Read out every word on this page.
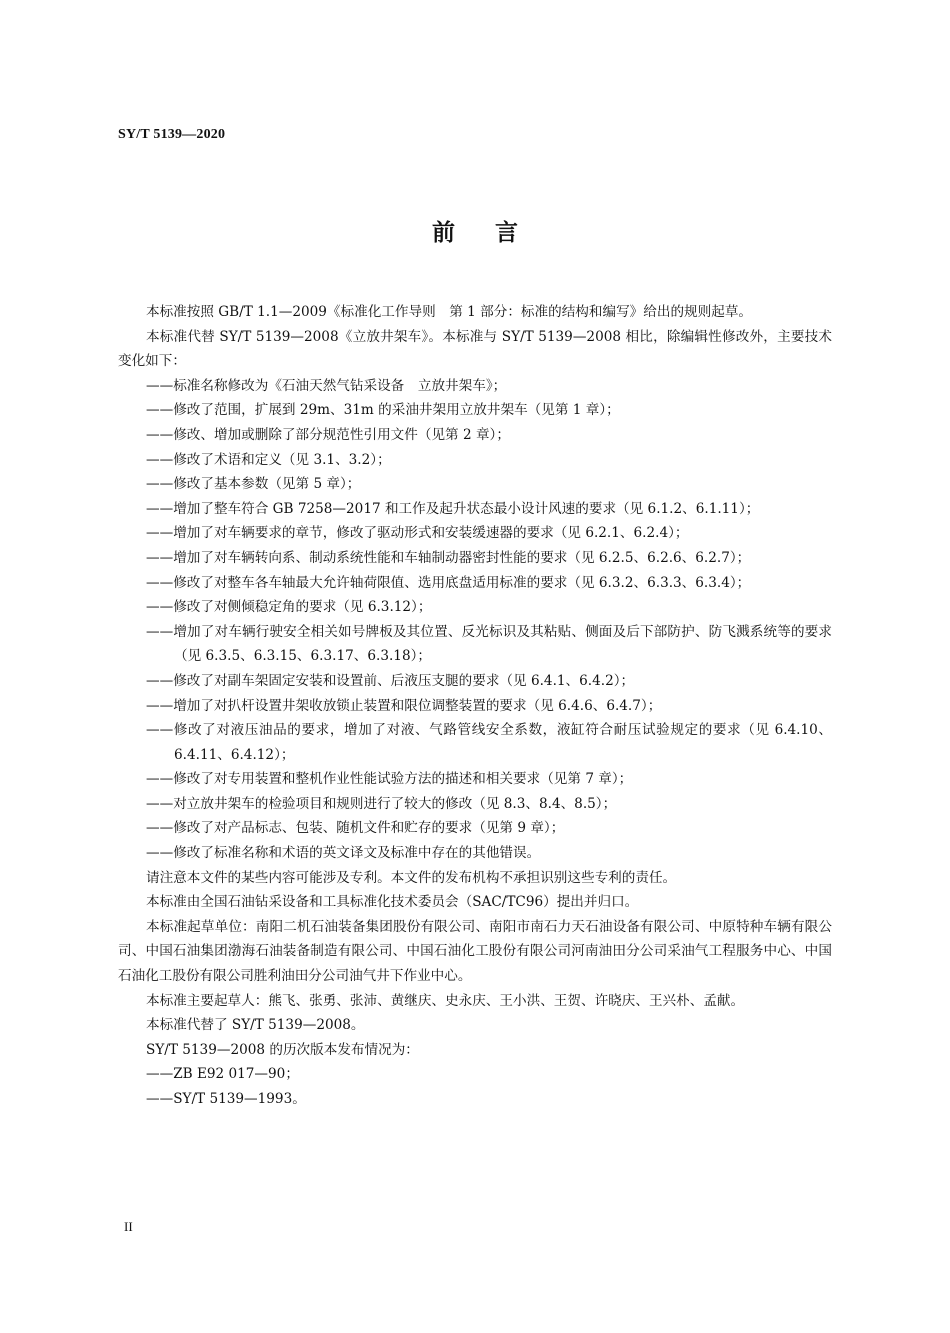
SY/T 5139—2020
前言

本标准按照 GB/T 1.1—2009《标准化工作导则　第 1 部分：标准的结构和编写》给出的规则起草。

本标准代替 SY/T 5139—2008《立放井架车》。本标准与 SY/T 5139—2008 相比，除编辑性修改外，主要技术变化如下：

——标准名称修改为《石油天然气钻采设备　立放井架车》；

——修改了范围，扩展到 29m、31m 的采油井架用立放井架车（见第 1 章）；

——修改、增加或删除了部分规范性引用文件（见第 2 章）；

——修改了术语和定义（见 3.1、3.2）；

——修改了基本参数（见第 5 章）；

——增加了整车符合 GB 7258—2017 和工作及起升状态最小设计风速的要求（见 6.1.2、6.1.11）；

——增加了对车辆要求的章节，修改了驱动形式和安装缓速器的要求（见 6.2.1、6.2.4）；

——增加了对车辆转向系、制动系统性能和车轴制动器密封性能的要求（见 6.2.5、6.2.6、6.2.7）；

——修改了对整车各车轴最大允许轴荷限值、选用底盘适用标准的要求（见 6.3.2、6.3.3、6.3.4）；

——修改了对侧倾稳定角的要求（见 6.3.12）；

——增加了对车辆行驶安全相关如号牌板及其位置、反光标识及其粘贴、侧面及后下部防护、防飞溅系统等的要求（见 6.3.5、6.3.15、6.3.17、6.3.18）；

——修改了对副车架固定安装和设置前、后液压支腿的要求（见 6.4.1、6.4.2）；

——增加了对扒杆设置井架收放锁止装置和限位调整装置的要求（见 6.4.6、6.4.7）；

——修改了对液压油品的要求，增加了对液、气路管线安全系数，液缸符合耐压试验规定的要求（见 6.4.10、6.4.11、6.4.12）；

——修改了对专用装置和整机作业性能试验方法的描述和相关要求（见第 7 章）；

——对立放井架车的检验项目和规则进行了较大的修改（见 8.3、8.4、8.5）；

——修改了对产品标志、包装、随机文件和贮存的要求（见第 9 章）；

——修改了标准名称和术语的英文译文及标准中存在的其他错误。

请注意本文件的某些内容可能涉及专利。本文件的发布机构不承担识别这些专利的责任。

本标准由全国石油钻采设备和工具标准化技术委员会（SAC/TC96）提出并归口。

本标准起草单位：南阳二机石油装备集团股份有限公司、南阳市南石力天石油设备有限公司、中原特种车辆有限公司、中国石油集团渤海石油装备制造有限公司、中国石油化工股份有限公司河南油田分公司采油气工程服务中心、中国石油化工股份有限公司胜利油田分公司油气井下作业中心。

本标准主要起草人：熊飞、张勇、张沛、黄继庆、史永庆、王小洪、王贺、许晓庆、王兴朴、孟献。

本标准代替了 SY/T 5139—2008。

SY/T 5139—2008 的历次版本发布情况为：

——ZB E92 017—90；

——SY/T 5139—1993。

II
